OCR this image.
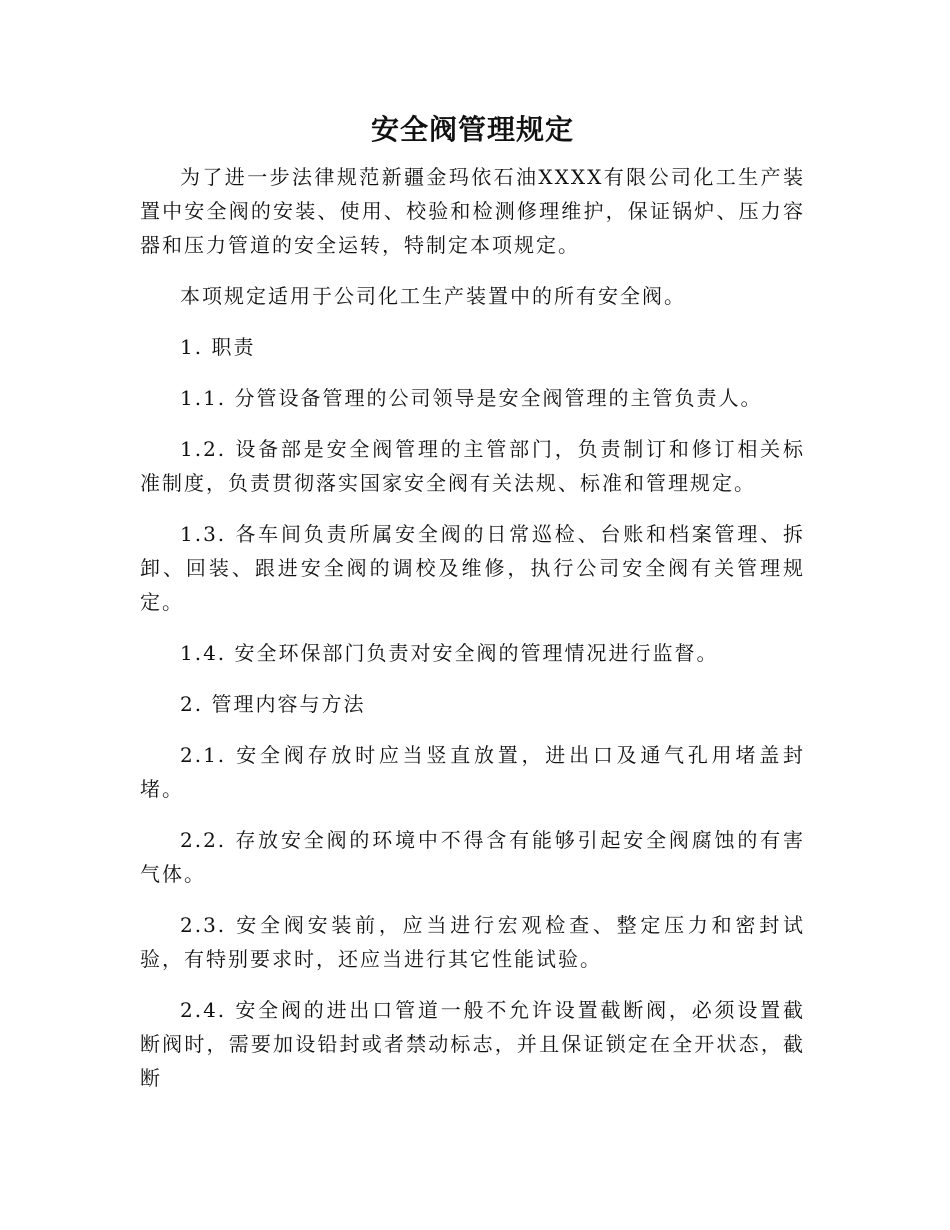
安全阀管理规定

为了进一步法律规范新疆金玛依石油XXXX有限公司化工生产装置中安全阀的安装、使用、校验和检测修理维护，保证锅炉、压力容器和压力管道的安全运转，特制定本项规定。

本项规定适用于公司化工生产装置中的所有安全阀。

1. 职责

1.1. 分管设备管理的公司领导是安全阀管理的主管负责人。

1.2. 设备部是安全阀管理的主管部门，负责制订和修订相关标准制度，负责贯彻落实国家安全阀有关法规、标准和管理规定。

1.3. 各车间负责所属安全阀的日常巡检、台账和档案管理、拆卸、回装、跟进安全阀的调校及维修，执行公司安全阀有关管理规定。

1.4. 安全环保部门负责对安全阀的管理情况进行监督。

2. 管理内容与方法

2.1. 安全阀存放时应当竖直放置，进出口及通气孔用堵盖封堵。

2.2. 存放安全阀的环境中不得含有能够引起安全阀腐蚀的有害气体。

2.3. 安全阀安装前，应当进行宏观检查、整定压力和密封试验，有特别要求时，还应当进行其它性能试验。

2.4. 安全阀的进出口管道一般不允许设置截断阀，必须设置截断阀时，需要加设铅封或者禁动标志，并且保证锁定在全开状态，截断
